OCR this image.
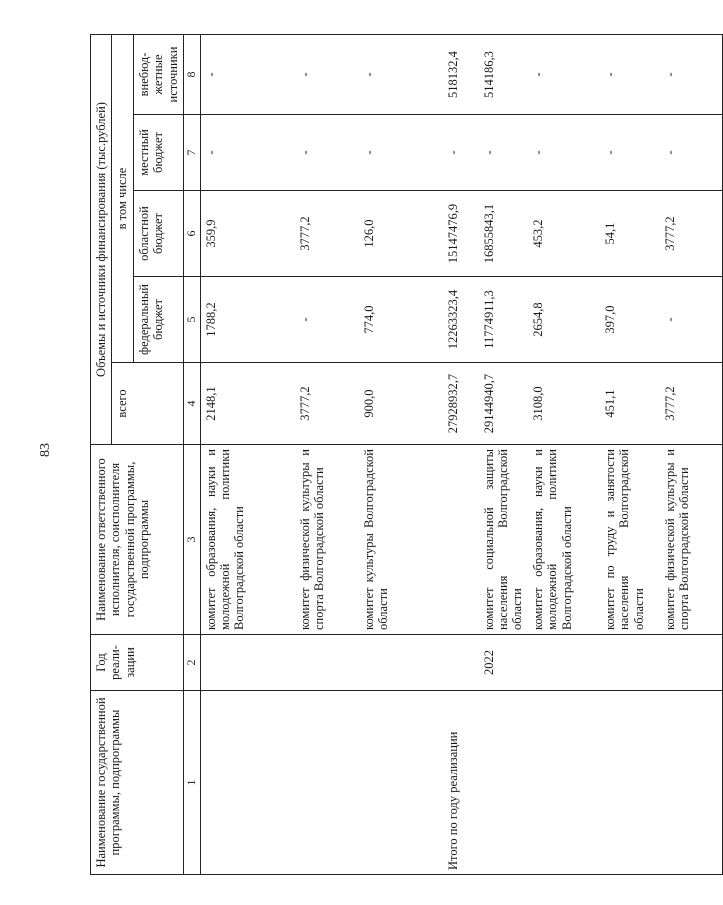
83
Наименование государственной программы, подпрограммы	Год реали-зации	Наименование ответственного исполнителя, соисполнителя государственной программы, подпрограммы	Объемы и источники финансирования (тыс.рублей)				
			всего	в том числе			
				федеральный бюджет	областной бюджет	местный бюджет	внебюд-жетные источники
1	2	3	4	5	6	7	8
		комитет образования, науки и молодежной политики Волгоградской области	2148,1	1788,2	359,9	-	-
		комитет физической культуры и спорта Волгоградской области	3777,2	-	3777,2	-	-
		комитет культуры Волгоградской области	900,0	774,0	126,0	-	-
Итого по году реализации			27928932,7	12263323,4	15147476,9	-	518132,4
	2022	комитет социальной защиты населения Волгоградской области	29144940,7	11774911,3	16855843,1	-	514186,3
		комитет образования, науки и молодежной политики Волгоградской области	3108,0	2654,8	453,2	-	-
		комитет по труду и занятости населения Волгоградской области	451,1	397,0	54,1	-	-
		комитет физической культуры и спорта Волгоградской области	3777,2	-	3777,2	-	-
